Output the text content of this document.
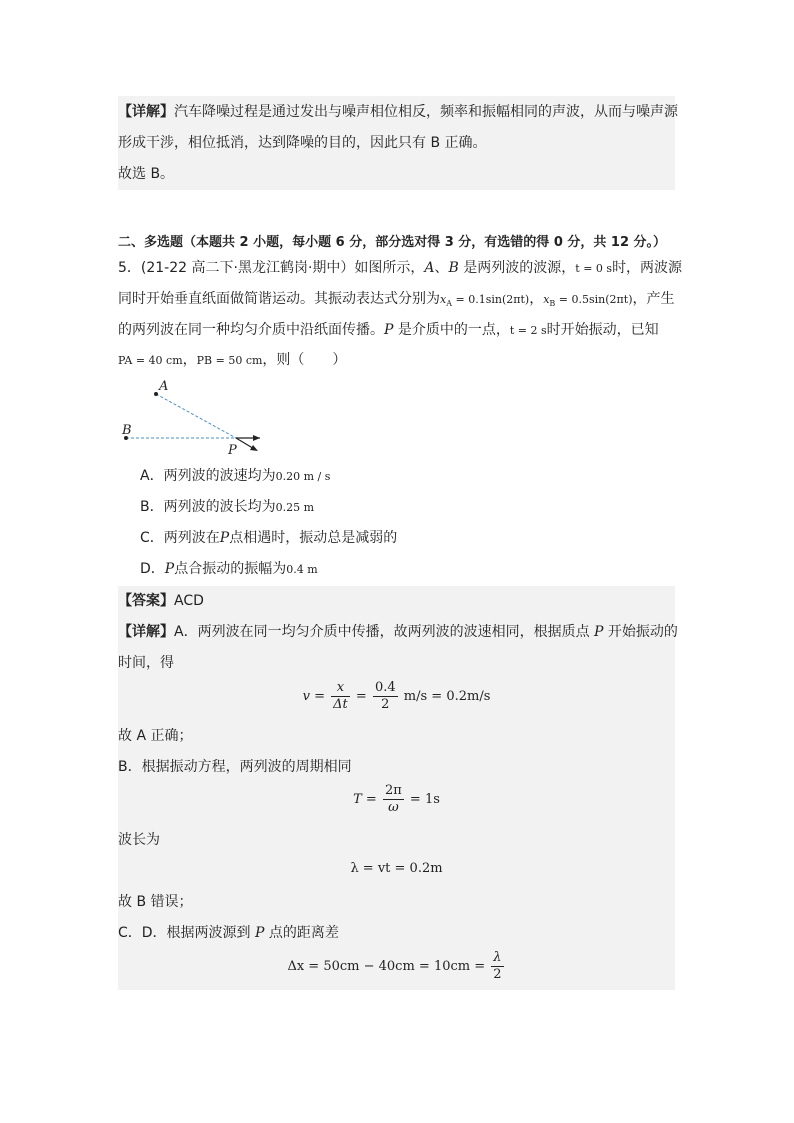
【详解】汽车降噪过程是通过发出与噪声相位相反，频率和振幅相同的声波，从而与噪声源
形成干涉，相位抵消，达到降噪的目的，因此只有 B 正确。
故选 B。
二、多选题（本题共 2 小题，每小题 6 分，部分选对得 3 分，有选错的得 0 分，共 12 分。）
5．(21-22 高二下·黑龙江鹤岗·期中）如图所示，A、B 是两列波的波源，t = 0 s时，两波源
同时开始垂直纸面做简谐运动。其振动表达式分别为$x_A = 0.1\sin(2\pi t)$，$x_B = 0.5\sin(2\pi t)$，产生
的两列波在同一种均匀介质中沿纸面传播。P 是介质中的一点，t = 2 s时开始振动，已知
PA = 40 cm，PB = 50 cm，则（　　）
A
B
P
A．两列波的波速均为0.20 m / s
B．两列波的波长均为0.25 m
C．两列波在P点相遇时，振动总是减弱的
D．P点合振动的振幅为0.4 m
【答案】ACD
【详解】A．两列波在同一均匀介质中传播，故两列波的波速相同，根据质点 P 开始振动的
时间，得
$v = \frac{x}{\Delta t} = \frac{0.4}{2} m/s = 0.2m/s$
故 A 正确；
B．根据振动方程，两列波的周期相同
$T = \frac{2\pi}{\omega} = 1s$
波长为
λ = vt = 0.2m
故 B 错误；
C．D．根据两波源到 P 点的距离差
$\Delta x = 50cm - 40cm = 10cm = \frac{\lambda}{2}$
